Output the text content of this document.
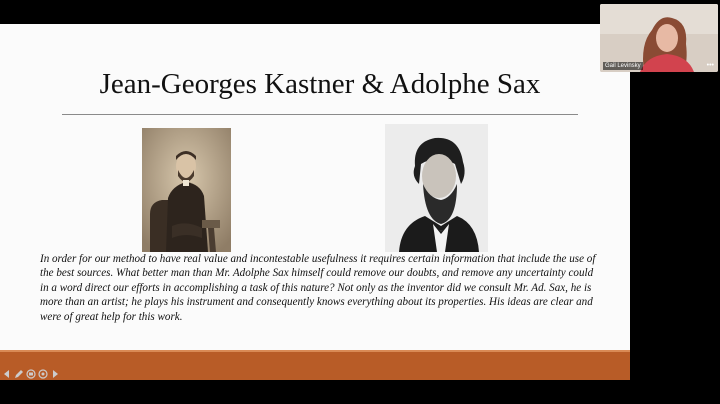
Jean-Georges Kastner & Adolphe Sax

In order for our method to have real value and incontestable usefulness it requires certain information that include the use of the best sources. What better man than Mr. Adolphe Sax himself could remove our doubts, and remove any uncertainty could in a word direct our efforts in accomplishing a task of this nature? Not only as the inventor did we consult Mr. Ad. Sax, he is more than an artist; he plays his instrument and consequently knows everything about its properties. His ideas are clear and were of great help for this work.

Gail Levinsky	•••
